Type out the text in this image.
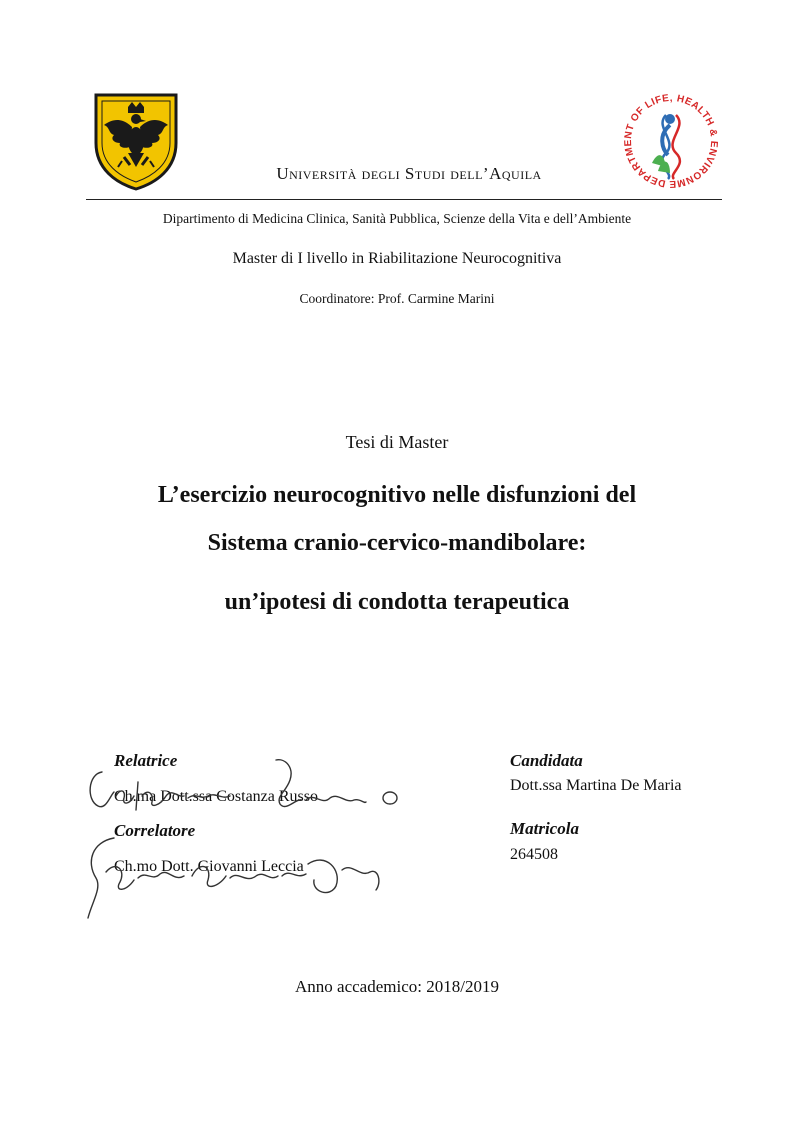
Università degli Studi dell’Aquila	DEPARTMENT OF LIFE, HEALTH & ENVIRONME
Dipartimento di Medicina Clinica, Sanità Pubblica, Scienze della Vita e dell’Ambiente
Master di I livello in Riabilitazione Neurocognitiva
Coordinatore: Prof. Carmine Marini
Tesi di Master
L’esercizio neurocognitivo nelle disfunzioni del
Sistema cranio-cervico-mandibolare:
un’ipotesi di condotta terapeutica
Relatrice
Ch.ma Dott.ssa Costanza Russo
Correlatore
Ch.mo Dott. Giovanni Leccia
Candidata
Dott.ssa Martina De Maria
Matricola
264508
Anno accademico: 2018/2019
